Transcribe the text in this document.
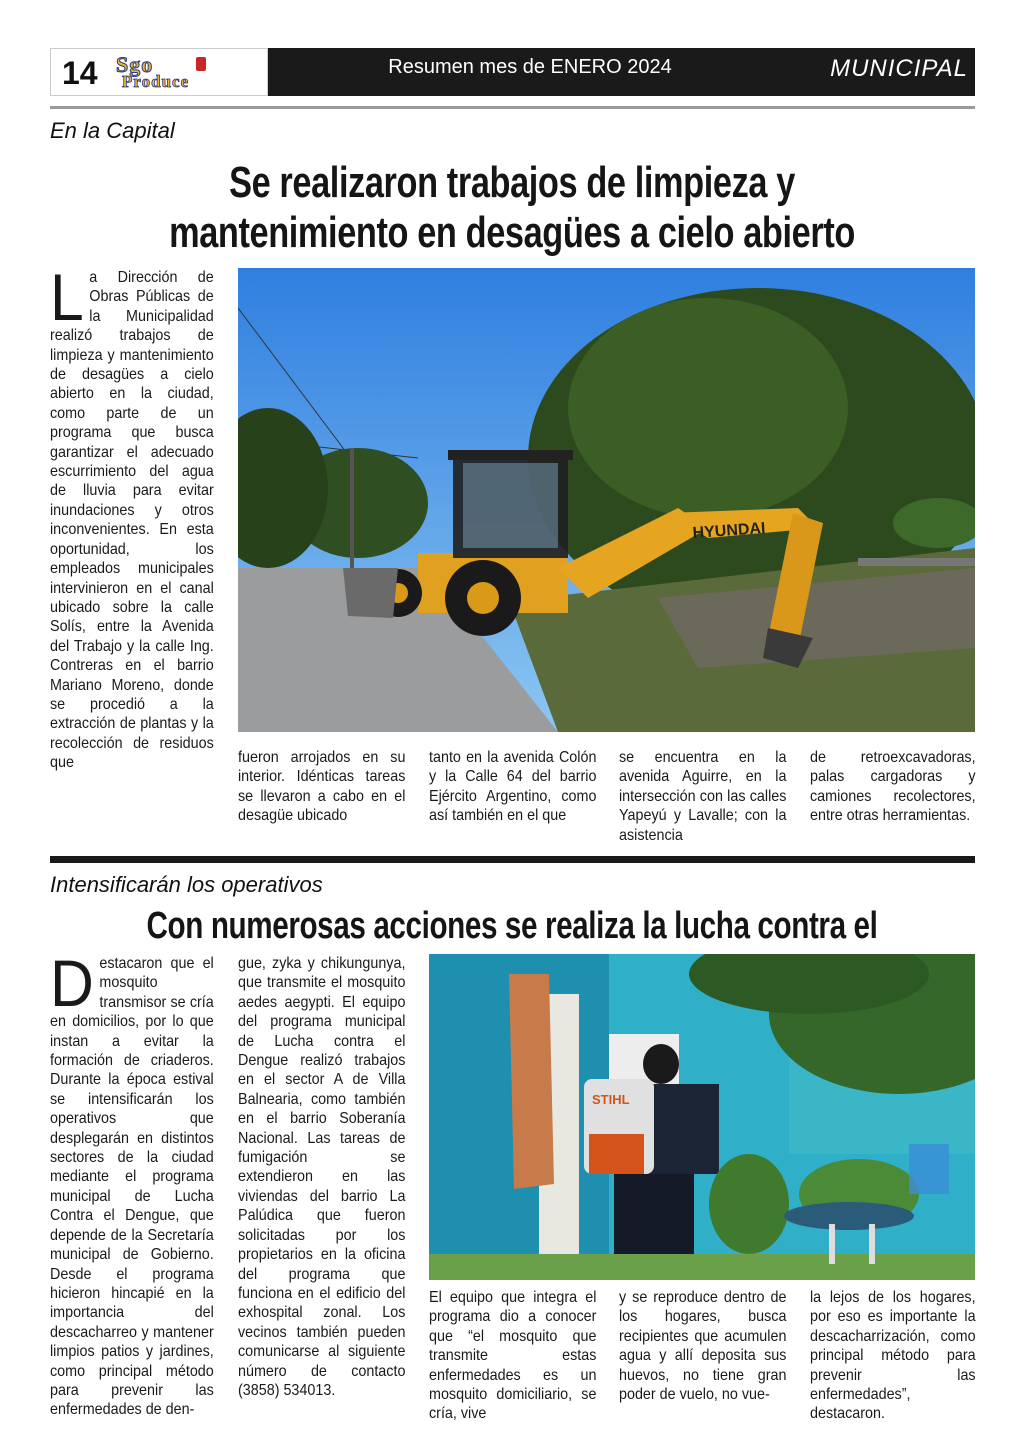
14 Sgo
Produce
Resumen mes de ENERO 2024	MUNICIPAL
En la Capital
Se realizaron trabajos de limpieza y
mantenimiento en desagües a cielo abierto
La Dirección de Obras Públicas de la Municipalidad realizó trabajos de limpieza y mantenimiento de desagües a cielo abierto en la ciudad, como parte de un programa que busca garantizar el adecuado escurrimiento del agua de lluvia para evitar inundaciones y otros inconvenientes. En esta oportunidad, los empleados municipales intervinieron en el canal ubicado sobre la calle Solís, entre la Avenida del Trabajo y la calle Ing. Contreras en el barrio Mariano Moreno, donde se procedió a la extracción de plantas y la recolección de residuos que
HYUNDAI
fueron arrojados en su interior. Idénticas tareas se llevaron a cabo en el desagüe ubicado
tanto en la avenida Colón y la Calle 64 del barrio Ejército Argentino, como así también en el que
se encuentra en la avenida Aguirre, en la intersección con las calles Yapeyú y Lavalle; con la asistencia
de retroexcavadoras, palas cargadoras y camiones recolectores, entre otras herramientas.
Intensificarán los operativos
Con numerosas acciones se realiza la lucha contra el
Destacaron que el mosquito transmisor se cría en domicilios, por lo que instan a evitar la formación de criaderos. Durante la época estival se intensificarán los operativos que desplegarán en distintos sectores de la ciudad mediante el programa municipal de Lucha Contra el Dengue, que depende de la Secretaría municipal de Gobierno. Desde el programa hicieron hincapié en la importancia del descacharreo y mantener limpios patios y jardines, como principal método para prevenir las enfermedades de den-
gue, zyka y chikungunya, que transmite el mosquito aedes aegypti. El equipo del programa municipal de Lucha contra el Dengue realizó trabajos en el sector A de Villa Balnearia, como también en el barrio Soberanía Nacional. Las tareas de fumigación se extendieron en las viviendas del barrio La Palúdica que fueron solicitadas por los propietarios en la oficina del programa que funciona en el edificio del exhospital zonal. Los vecinos también pueden comunicarse al siguiente número de contacto (3858) 534013.
STIHL
El equipo que integra el programa dio a conocer que “el mosquito que transmite estas enfermedades es un mosquito domiciliario, se cría, vive
y se reproduce dentro de los hogares, busca recipientes que acumulen agua y allí deposita sus huevos, no tiene gran poder de vuelo, no vue-
la lejos de los hogares, por eso es importante la descacharrización, como principal método para prevenir las enfermedades”, destacaron.
